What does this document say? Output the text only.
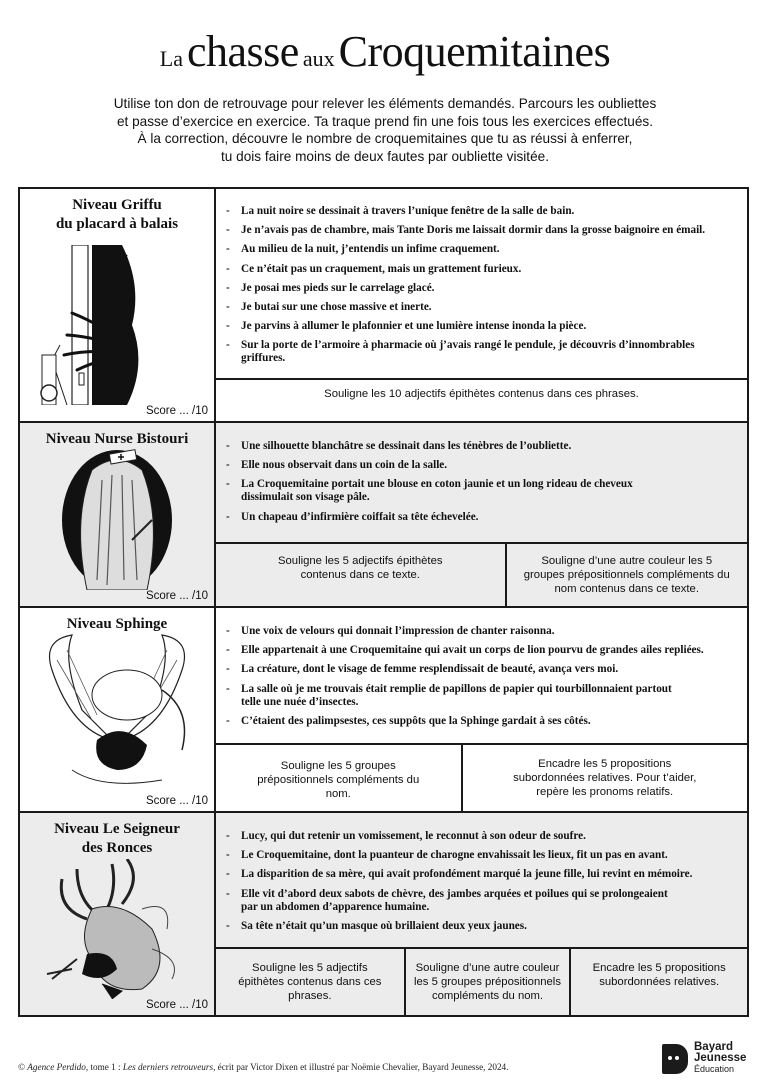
La chasse aux Croquemitaines
Utilise ton don de retrouvage pour relever les éléments demandés. Parcours les oubliettes
et passe d’exercice en exercice. Ta traque prend fin une fois tous les exercices effectués.
À la correction, découvre le nombre de croquemitaines que tu as réussi à enferrer,
tu dois faire moins de deux fautes par oubliette visitée.
Niveau Griffu
du placard à balais
Score ... /10
- La nuit noire se dessinait à travers l’unique fenêtre de la salle de bain.
- Je n’avais pas de chambre, mais Tante Doris me laissait dormir dans la grosse baignoire en émail.
- Au milieu de la nuit, j’entendis un infime craquement.
- Ce n’était pas un craquement, mais un grattement furieux.
- Je posai mes pieds sur le carrelage glacé.
- Je butai sur une chose massive et inerte.
- Je parvins à allumer le plafonnier et une lumière intense inonda la pièce.
- Sur la porte de l’armoire à pharmacie où j’avais rangé le pendule, je découvris d’innombrables griffures.
Souligne les 10 adjectifs épithètes contenus dans ces phrases.
Niveau Nurse Bistouri
Score ... /10
- Une silhouette blanchâtre se dessinait dans les ténèbres de l’oubliette.
- Elle nous observait dans un coin de la salle.
- La Croquemitaine portait une blouse en coton jaunie et un long rideau de cheveux dissimulait son visage pâle.
- Un chapeau d’infirmière coiffait sa tête échevelée.
Souligne les 5 adjectifs épithètes contenus dans ce texte.
Souligne d’une autre couleur les 5 groupes prépositionnels compléments du nom contenus dans ce texte.
Niveau Sphinge
Score ... /10
- Une voix de velours qui donnait l’impression de chanter raisonna.
- Elle appartenait à une Croquemitaine qui avait un corps de lion pourvu de grandes ailes repliées.
- La créature, dont le visage de femme resplendissait de beauté, avança vers moi.
- La salle où je me trouvais était remplie de papillons de papier qui tourbillonnaient partout telle une nuée d’insectes.
- C’étaient des palimpsestes, ces suppôts que la Sphinge gardait à ses côtés.
Souligne les 5 groupes prépositionnels compléments du nom.
Encadre les 5 propositions subordonnées relatives. Pour t’aider, repère les pronoms relatifs.
Niveau Le Seigneur
des Ronces
Score ... /10
- Lucy, qui dut retenir un vomissement, le reconnut à son odeur de soufre.
- Le Croquemitaine, dont la puanteur de charogne envahissait les lieux, fit un pas en avant.
- La disparition de sa mère, qui avait profondément marqué la jeune fille, lui revint en mémoire.
- Elle vit d’abord deux sabots de chèvre, des jambes arquées et poilues qui se prolongeaient par un abdomen d’apparence humaine.
- Sa tête n’était qu’un masque où brillaient deux yeux jaunes.
Souligne les 5 adjectifs épithètes contenus dans ces phrases.
Souligne d’une autre couleur les 5 groupes prépositionnels compléments du nom.
Encadre les 5 propositions subordonnées relatives.
© Agence Perdido, tome 1 : Les derniers retrouveurs, écrit par Victor Dixen et illustré par Noëmie Chevalier, Bayard Jeunesse, 2024.
Bayard
Jeunesse
Éducation
